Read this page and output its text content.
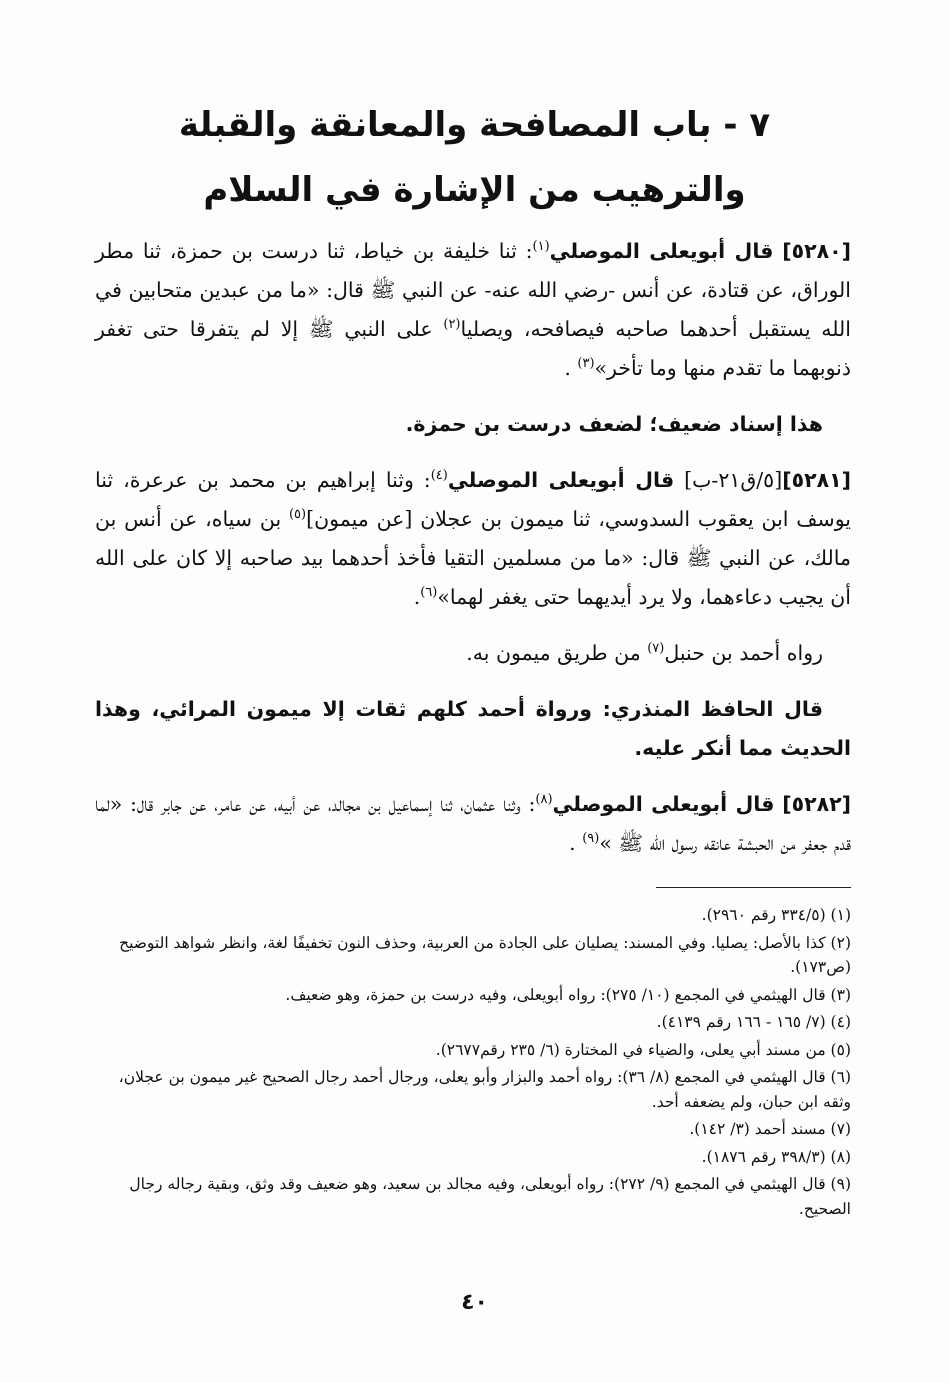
٧ - باب المصافحة والمعانقة والقبلة
والترهيب من الإشارة في السلام

[٥٢٨٠] قال أبويعلى الموصلي$^{(١)}$: ثنا خليفة بن خياط، ثنا درست بن حمزة، ثنا مطر الوراق، عن قتادة، عن أنس -رضي الله عنه- عن النبي ﷺ قال: «ما من عبدين متحابين في الله يستقبل أحدهما صاحبه فيصافحه، ويصليا$^{(٢)}$ على النبي ﷺ إلا لم يتفرقا حتى تغفر ذنوبهما ما تقدم منها وما تأخر»$^{(٣)}$ .

هذا إسناد ضعيف؛ لضعف درست بن حمزة.

[٥٢٨١][٥/ق٢١-ب] قال أبويعلى الموصلي$^{(٤)}$: وثنا إبراهيم بن محمد بن عرعرة، ثنا يوسف ابن يعقوب السدوسي، ثنا ميمون بن عجلان [عن ميمون]$^{(٥)}$ بن سياه، عن أنس بن مالك، عن النبي ﷺ قال: «ما من مسلمين التقيا فأخذ أحدهما بيد صاحبه إلا كان على الله أن يجيب دعاءهما، ولا يرد أيديهما حتى يغفر لهما»$^{(٦)}$.

رواه أحمد بن حنبل$^{(٧)}$ من طريق ميمون به.

قال الحافظ المنذري: ورواة أحمد كلهم ثقات إلا ميمون المرائي، وهذا الحديث مما أنكر عليه.

[٥٢٨٢] قال أبويعلى الموصلي$^{(٨)}$: وثنا عثمان، ثنا إسماعيل بن مجالد، عن أبيه، عن عامر، عن جابر قال: «لما قدم جعفر من الحبشة عانقه رسول الله ﷺ »$^{(٩)}$ .

(١) (٣٣٤/٥ رقم ٢٩٦٠).

(٢) كذا بالأصل: يصليا. وفي المسند: يصليان على الجادة من العربية، وحذف النون تخفيفًا لغة، وانظر شواهد التوضيح (ص١٧٣).

(٣) قال الهيثمي في المجمع (١٠/ ٢٧٥): رواه أبويعلى، وفيه درست بن حمزة، وهو ضعيف.

(٤) (٧/ ١٦٥ - ١٦٦ رقم ٤١٣٩).

(٥) من مسند أبي يعلى، والضياء في المختارة (٦/ ٢٣٥ رقم٢٦٧٧).

(٦) قال الهيثمي في المجمع (٨/ ٣٦): رواه أحمد والبزار وأبو يعلى، ورجال أحمد رجال الصحيح غير ميمون بن عجلان، وثقه ابن حبان، ولم يضعفه أحد.

(٧) مسند أحمد (٣/ ١٤٢).

(٨) (٣٩٨/٣ رقم ١٨٧٦).

(٩) قال الهيثمي في المجمع (٩/ ٢٧٢): رواه أبويعلى، وفيه مجالد بن سعيد، وهو ضعيف وقد وثق، وبقية رجاله رجال الصحيح.

٤٠
